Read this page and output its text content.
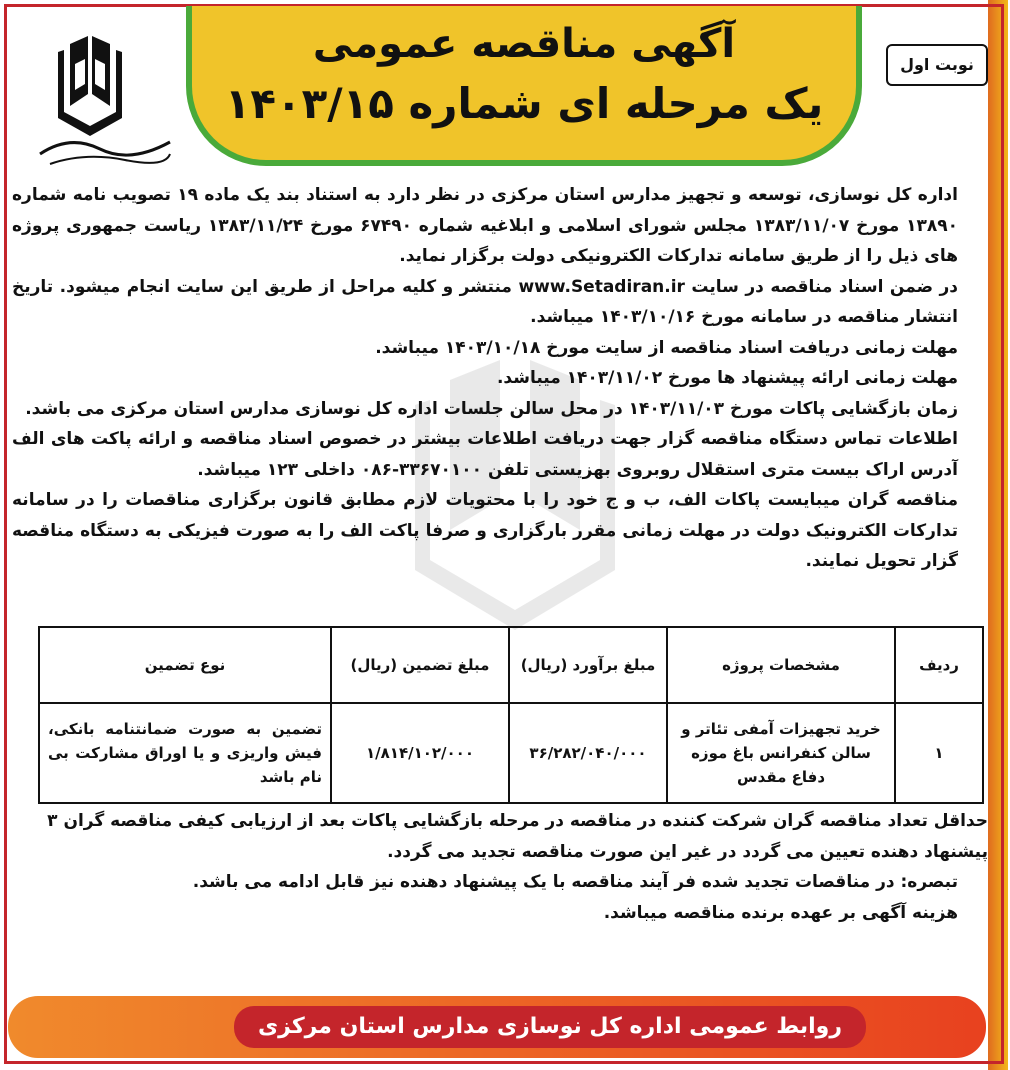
آگهی مناقصه عمومی
یک مرحله ای شماره ۱۴۰۳/۱۵
نوبت اول

اداره کل نوسازی، توسعه و تجهیز مدارس استان مرکزی در نظر دارد به استناد بند یک ماده ۱۹ تصویب نامه شماره ۱۳۸۹۰ مورخ ۱۳۸۳/۱۱/۰۷ مجلس شورای اسلامی و ابلاغیه شماره ۶۷۴۹۰ مورخ ۱۳۸۳/۱۱/۲۴ ریاست جمهوری پروژه های ذیل را از طریق سامانه تدارکات الکترونیکی دولت برگزار نماید.

در ضمن اسناد مناقصه در سایت www.Setadiran.ir منتشر و کلیه مراحل از طریق این سایت انجام میشود. تاریخ انتشار مناقصه در سامانه مورخ ۱۴۰۳/۱۰/۱۶ میباشد.

مهلت زمانی دریافت اسناد مناقصه از سایت مورخ ۱۴۰۳/۱۰/۱۸ میباشد.

مهلت زمانی ارائه پیشنهاد ها مورخ ۱۴۰۳/۱۱/۰۲ میباشد.

زمان بازگشایی پاکات مورخ ۱۴۰۳/۱۱/۰۳ در محل سالن جلسات اداره کل نوسازی مدارس استان مرکزی می باشد.

اطلاعات تماس دستگاه مناقصه گزار جهت دریافت اطلاعات بیشتر در خصوص اسناد مناقصه و ارائه پاکت های الف آدرس اراک بیست متری استقلال روبروی بهزیستی تلفن ۳۳۶۷۰۱۰۰-۰۸۶ داخلی ۱۲۳ میباشد.

مناقصه گران میبایست پاکات الف، ب و ج خود را با محتویات لازم مطابق قانون برگزاری مناقصات را در سامانه تدارکات الکترونیک دولت در مهلت زمانی مقرر بارگزاری و صرفا پاکت الف را به صورت فیزیکی به دستگاه مناقصه گزار تحویل نمایند.

ردیف	مشخصات پروژه	مبلغ برآورد (ریال)	مبلغ تضمین (ریال)	نوع تضمین
۱	خرید تجهیزات آمفی تئاتر و سالن کنفرانس باغ موزه دفاع مقدس	۳۶/۲۸۲/۰۴۰/۰۰۰	۱/۸۱۴/۱۰۲/۰۰۰	تضمین به صورت ضمانتنامه بانکی، فیش واریزی و یا اوراق مشارکت بی نام باشد

حداقل تعداد مناقصه گران شرکت کننده در مناقصه در مرحله بازگشایی پاکات بعد از ارزیابی کیفی مناقصه گران ۳ پیشنهاد دهنده تعیین می گردد در غیر این صورت مناقصه تجدید می گردد.

تبصره: در مناقصات تجدید شده فر آیند مناقصه با یک پیشنهاد دهنده نیز قابل ادامه می باشد.

هزینه آگهی بر عهده برنده مناقصه میباشد.

روابط عمومی اداره کل نوسازی مدارس استان مرکزی
